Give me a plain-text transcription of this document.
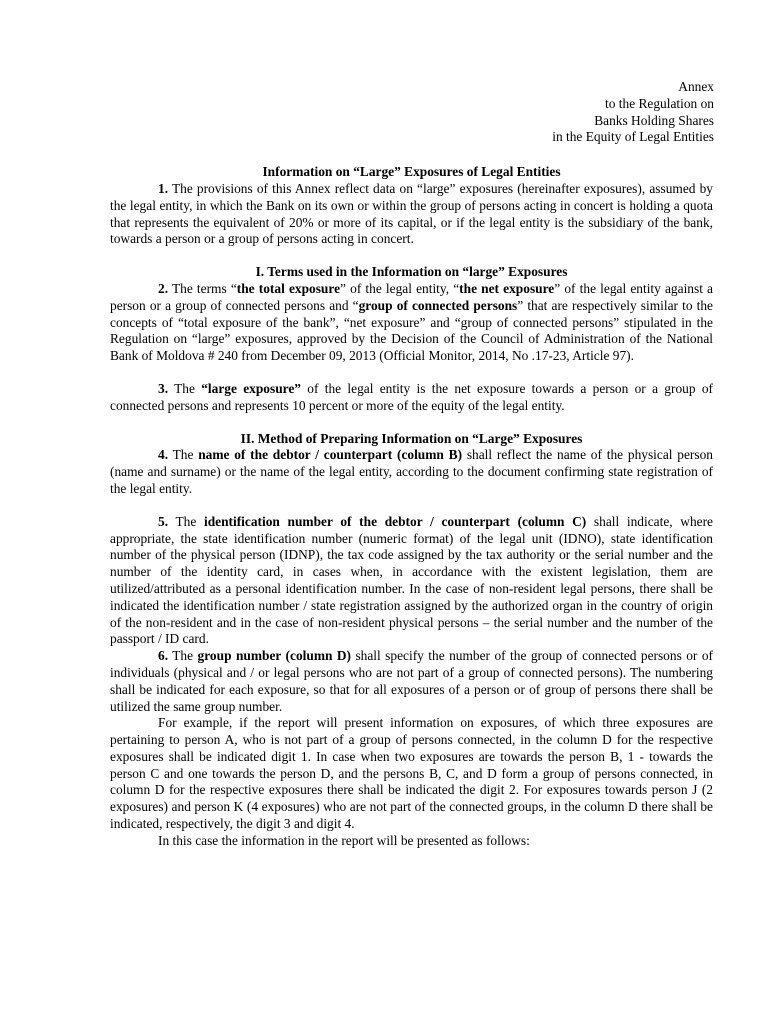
Annex
to the Regulation on
Banks Holding Shares
in the Equity of Legal Entities
Information on “Large” Exposures of Legal Entities

1. The provisions of this Annex reflect data on “large” exposures (hereinafter exposures), assumed by the legal entity, in which the Bank on its own or within the group of persons acting in concert is holding a quota that represents the equivalent of 20% or more of its capital, or if the legal entity is the subsidiary of the bank, towards a person or a group of persons acting in concert.

I. Terms used in the Information on “large” Exposures

2. The terms “the total exposure” of the legal entity, “the net exposure” of the legal entity against a person or a group of connected persons and “group of connected persons” that are respectively similar to the concepts of “total exposure of the bank”, “net exposure” and “group of connected persons” stipulated in the Regulation on “large” exposures, approved by the Decision of the Council of Administration of the National Bank of Moldova # 240 from December 09, 2013 (Official Monitor, 2014, No .17-23, Article 97).

3. The “large exposure” of the legal entity is the net exposure towards a person or a group of connected persons and represents 10 percent or more of the equity of the legal entity.

II. Method of Preparing Information on “Large” Exposures

4. The name of the debtor / counterpart (column B) shall reflect the name of the physical person (name and surname) or the name of the legal entity, according to the document confirming state registration of the legal entity.

5. The identification number of the debtor / counterpart (column C) shall indicate, where appropriate, the state identification number (numeric format) of the legal unit (IDNO), state identification number of the physical person (IDNP), the tax code assigned by the tax authority or the serial number and the number of the identity card, in cases when, in accordance with the existent legislation, them are utilized/attributed as a personal identification number. In the case of non-resident legal persons, there shall be indicated the identification number / state registration assigned by the authorized organ in the country of origin of the non-resident and in the case of non-resident physical persons – the serial number and the number of the passport / ID card.

6. The group number (column D) shall specify the number of the group of connected persons or of individuals (physical and / or legal persons who are not part of a group of connected persons). The numbering shall be indicated for each exposure, so that for all exposures of a person or of group of persons there shall be utilized the same group number.

For example, if the report will present information on exposures, of which three exposures are pertaining to person A, who is not part of a group of persons connected, in the column D for the respective exposures shall be indicated digit 1. In case when two exposures are towards the person B, 1 - towards the person C and one towards the person D, and the persons B, C, and D form a group of persons connected, in column D for the respective exposures there shall be indicated the digit 2. For exposures towards person J (2 exposures) and person K (4 exposures) who are not part of the connected groups, in the column D there shall be indicated, respectively, the digit 3 and digit 4.

In this case the information in the report will be presented as follows:
